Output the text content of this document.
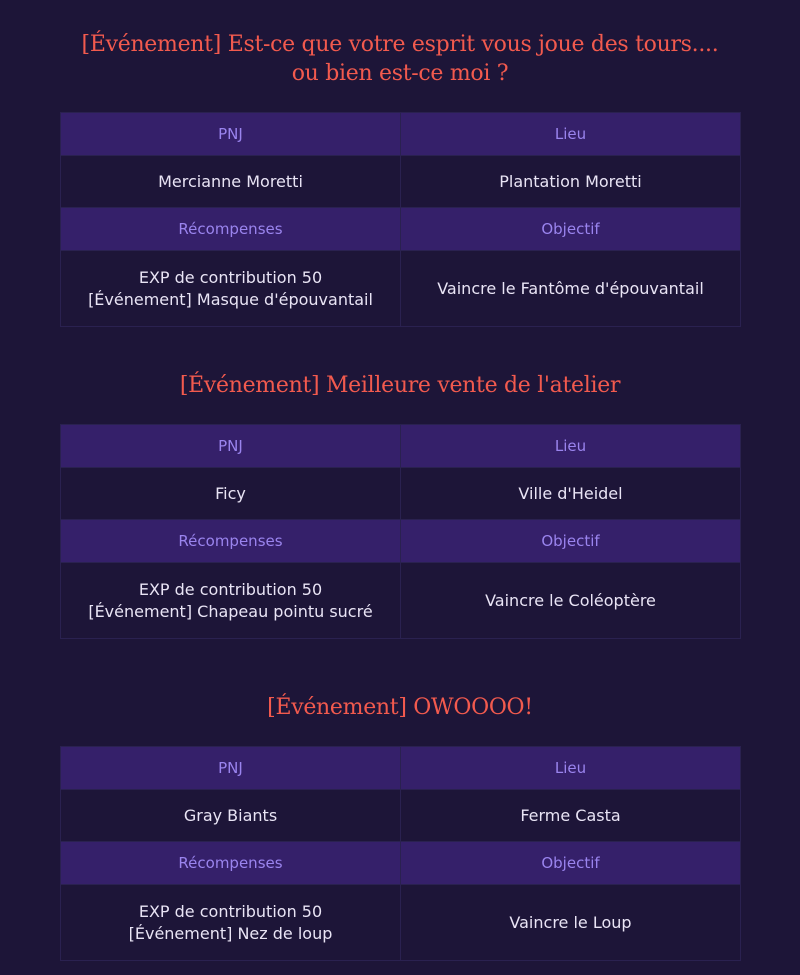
[Événement] Est-ce que votre esprit vous joue des tours....
ou bien est-ce moi ?
PNJ	Lieu
Mercianne Moretti	Plantation Moretti
Récompenses	Objectif

EXP de contribution 50
[Événement] Masque d'épouvantail	Vaincre le Fantôme d'épouvantail
[Événement] Meilleure vente de l'atelier
PNJ	Lieu
Ficy	Ville d'Heidel
Récompenses	Objectif

EXP de contribution 50
[Événement] Chapeau pointu sucré	Vaincre le Coléoptère
[Événement] OWOOOO!
PNJ	Lieu
Gray Biants	Ferme Casta
Récompenses	Objectif

EXP de contribution 50
[Événement] Nez de loup	Vaincre le Loup
